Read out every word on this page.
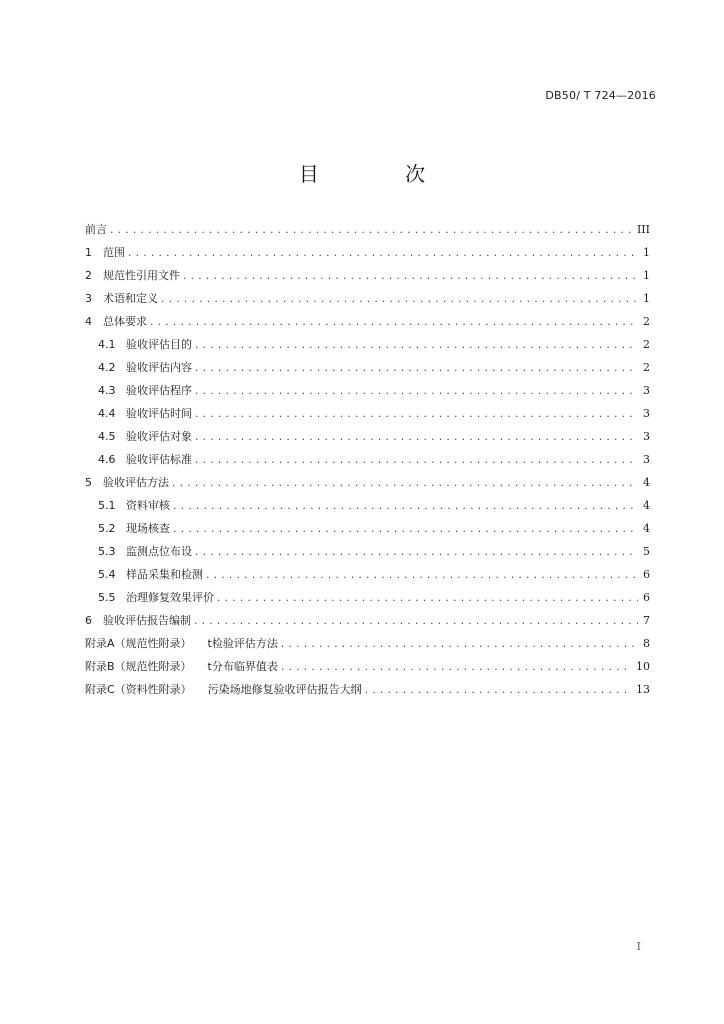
DB50/ T 724—2016
目 次
前言 .....	III
1	范围 .....	1
2	规范性引用文件 .....	1
3	术语和定义 .....	1
4	总体要求 .....	2
4.1 验收评估目的 .....	2
4.2 验收评估内容 .....	2
4.3 验收评估程序 .....	3
4.4 验收评估时间 .....	3
4.5 验收评估对象 .....	3
4.6 验收评估标准 .....	3
5	验收评估方法 .....	4
5.1 资料审核 .....	4
5.2 现场核查 .....	4
5.3 监测点位布设 .....	5
5.4 样品采集和检测 .....	6
5.5 治理修复效果评价 .....	6
6	验收评估报告编制 .....	7
附录A（规范性附录）	t检验评估方法 .....	8
附录B（规范性附录）	t分布临界值表 .....	10
附录C（资料性附录）	污染场地修复验收评估报告大纲 .....	13
I
